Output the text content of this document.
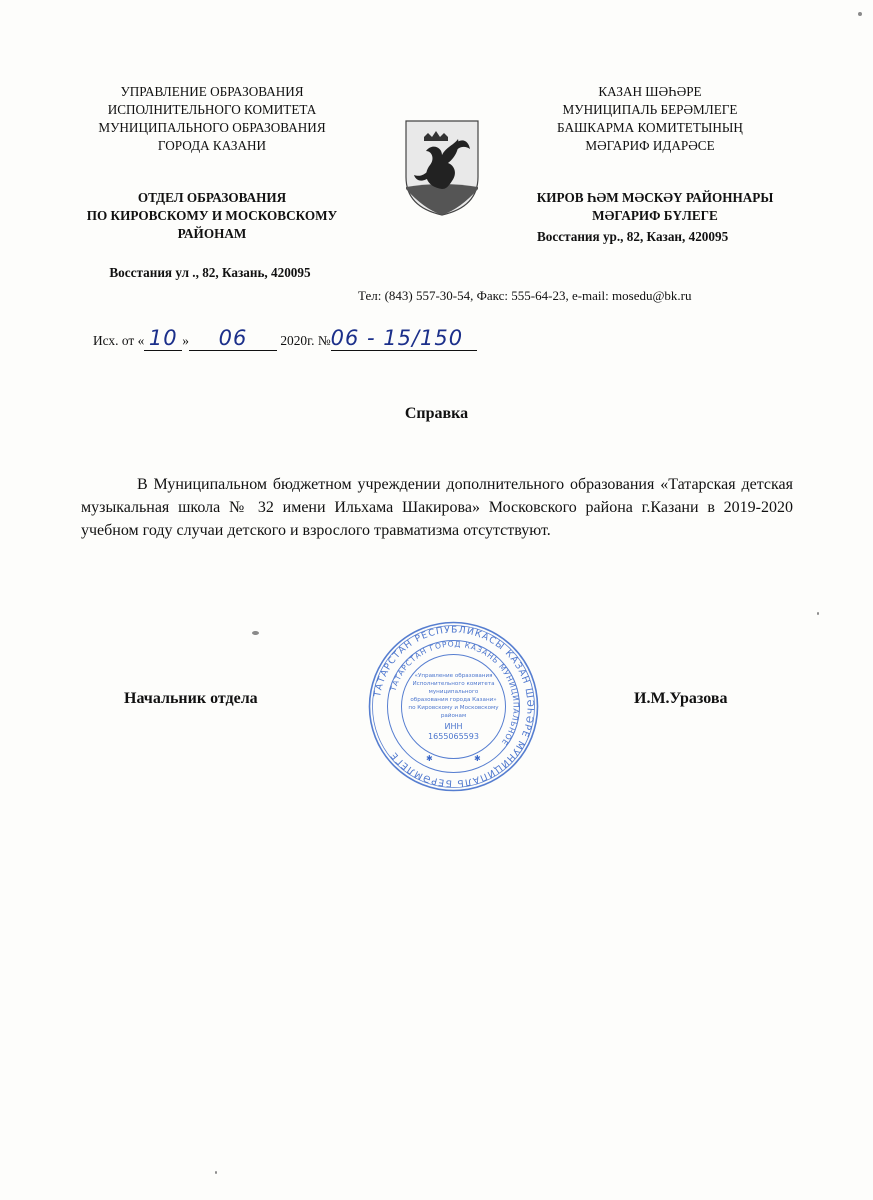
УПРАВЛЕНИЕ ОБРАЗОВАНИЯ
ИСПОЛНИТЕЛЬНОГО КОМИТЕТА
МУНИЦИПАЛЬНОГО ОБРАЗОВАНИЯ
ГОРОДА КАЗАНИ
ОТДЕЛ ОБРАЗОВАНИЯ
ПО КИРОВСКОМУ И МОСКОВСКОМУ
РАЙОНАМ
Восстания ул ., 82, Казань, 420095
КАЗАН ШӘҺӘРЕ
МУНИЦИПАЛЬ БЕРӘМЛЕГЕ
БАШКАРМА КОМИТЕТЫНЫҢ
МӘГАРИФ ИДАРӘСЕ
КИРОВ ҺӘМ МӘСКӘҮ РАЙОННАРЫ
МӘГАРИФ БҮЛЕГЕ
Восстания ур., 82, Казан, 420095
Тел: (843) 557-30-54, Факс: 555-64-23, e-mail: mosedu@bk.ru
Исх. от « 10 » 06 2020г. №06 - 15/150
Справка
В Муниципальном бюджетном учреждении дополнительного образования «Татарская детская музыкальная школа № 32 имени Ильхама Шакирова» Московского района г.Казани в 2019-2020 учебном году случаи детского и взрослого травматизма отсутствуют.
Начальник отдела	И.М.Уразова
ТАТАРСТАН РЕСПУБЛИКАСЫ КАЗАН ШӘҺӘРЕ МУНИЦИПАЛЬ БЕРӘМЛЕГЕ
ТАТАРСТАН ГОРОД КАЗАНЬ МУНИЦИПАЛЬНОЕ
«Управление образования
Исполнительного комитета
муниципального
образования города Казани»
по Кировскому и Московскому
районам
ИНН
1655065593
✱	✱
